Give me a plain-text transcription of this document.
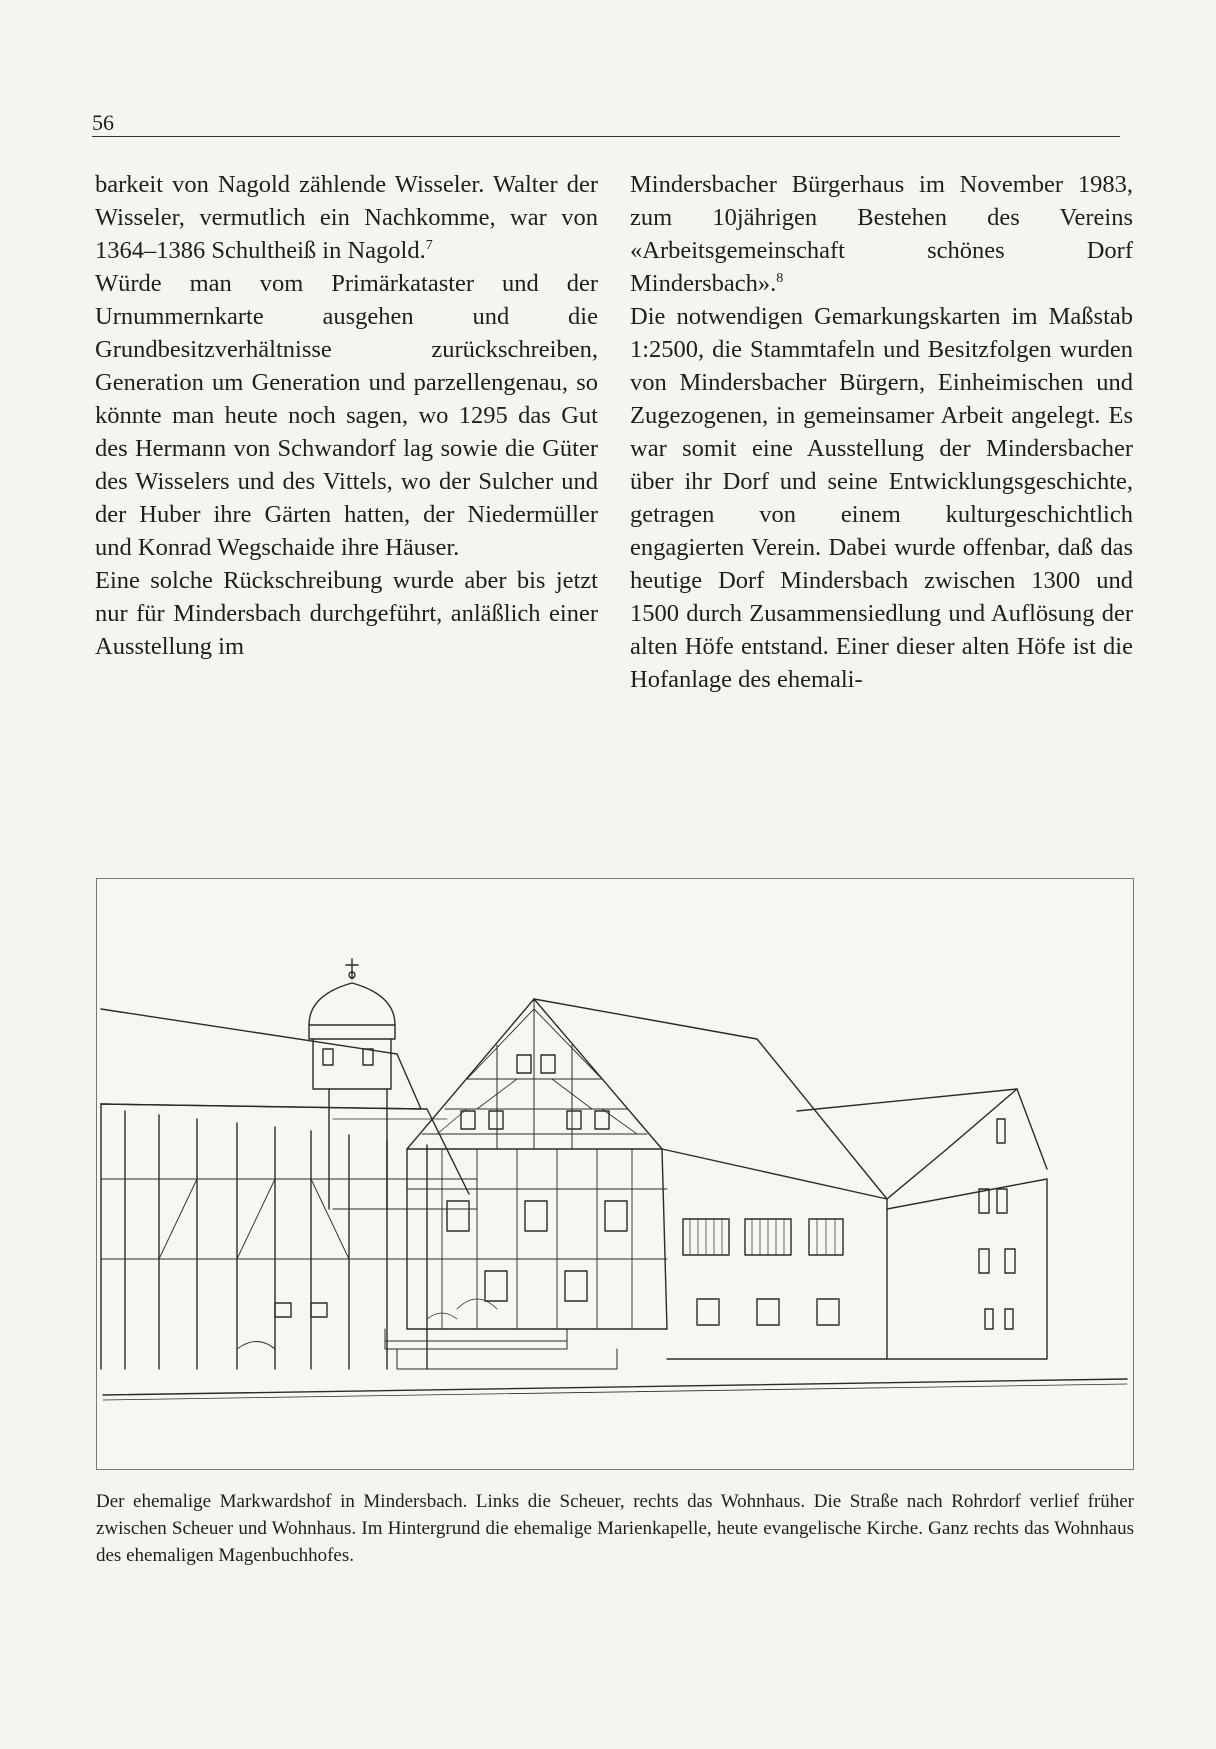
56

barkeit von Nagold zählende Wisseler. Walter der Wisseler, vermutlich ein Nachkomme, war von 1364–1386 Schultheiß in Nagold.$^7$

Würde man vom Primärkataster und der Urnummernkarte ausgehen und die Grundbesitzverhältnisse zurückschreiben, Generation um Generation und parzellengenau, so könnte man heute noch sagen, wo 1295 das Gut des Hermann von Schwandorf lag sowie die Güter des Wisselers und des Vittels, wo der Sulcher und der Huber ihre Gärten hatten, der Niedermüller und Konrad Wegschaide ihre Häuser.

Eine solche Rückschreibung wurde aber bis jetzt nur für Mindersbach durchgeführt, anläßlich einer Ausstellung im

Mindersbacher Bürgerhaus im November 1983, zum 10jährigen Bestehen des Vereins «Arbeitsgemeinschaft schönes Dorf Mindersbach».$^8$

Die notwendigen Gemarkungskarten im Maßstab 1:2500, die Stammtafeln und Besitzfolgen wurden von Mindersbacher Bürgern, Einheimischen und Zugezogenen, in gemeinsamer Arbeit angelegt. Es war somit eine Ausstellung der Mindersbacher über ihr Dorf und seine Entwicklungsgeschichte, getragen von einem kulturgeschichtlich engagierten Verein. Dabei wurde offenbar, daß das heutige Dorf Mindersbach zwischen 1300 und 1500 durch Zusammensiedlung und Auflösung der alten Höfe entstand. Einer dieser alten Höfe ist die Hofanlage des ehemali-

Der ehemalige Markwardshof in Mindersbach. Links die Scheuer, rechts das Wohnhaus. Die Straße nach Rohrdorf verlief früher zwischen Scheuer und Wohnhaus. Im Hintergrund die ehemalige Marienkapelle, heute evangelische Kirche. Ganz rechts das Wohnhaus des ehemaligen Magenbuchhofes.
